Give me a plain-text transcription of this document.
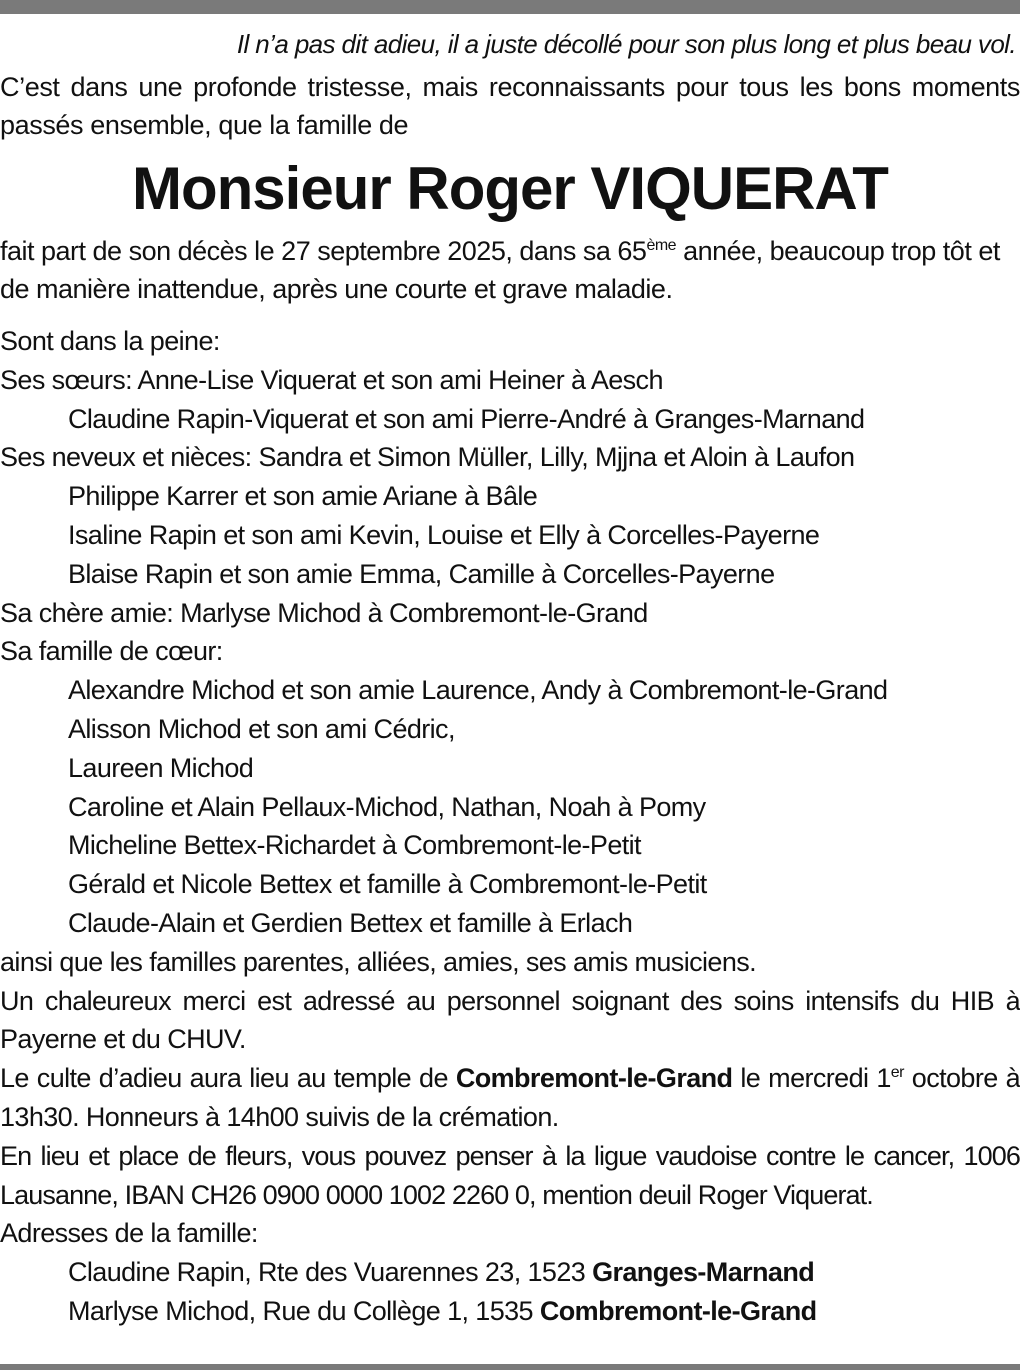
Il n’a pas dit adieu, il a juste décollé pour son plus long et plus beau vol.

C’est dans une profonde tristesse, mais reconnaissants pour tous les bons moments passés ensemble, que la famille de

Monsieur Roger VIQUERAT

fait part de son décès le 27 septembre 2025, dans sa 65ème année, beaucoup trop tôt et de manière inattendue, après une courte et grave maladie.

Sont dans la peine:
Ses sœurs: Anne-Lise Viquerat et son ami Heiner à Aesch
Claudine Rapin-Viquerat et son ami Pierre-André à Granges-Marnand
Ses neveux et nièces: Sandra et Simon Müller, Lilly, Mjjna et Aloin à Laufon
Philippe Karrer et son amie Ariane à Bâle
Isaline Rapin et son ami Kevin, Louise et Elly à Corcelles-Payerne
Blaise Rapin et son amie Emma, Camille à Corcelles-Payerne
Sa chère amie: Marlyse Michod à Combremont-le-Grand
Sa famille de cœur:
Alexandre Michod et son amie Laurence, Andy à Combremont-le-Grand
Alisson Michod et son ami Cédric,
Laureen Michod
Caroline et Alain Pellaux-Michod, Nathan, Noah à Pomy
Micheline Bettex-Richardet à Combremont-le-Petit
Gérald et Nicole Bettex et famille à Combremont-le-Petit
Claude-Alain et Gerdien Bettex et famille à Erlach
ainsi que les familles parentes, alliées, amies, ses amis musiciens.
Un chaleureux merci est adressé au personnel soignant des soins intensifs du HIB à Payerne et du CHUV.
Le culte d’adieu aura lieu au temple de Combremont-le-Grand le mercredi 1er octobre à 13h30. Honneurs à 14h00 suivis de la crémation.
En lieu et place de fleurs, vous pouvez penser à la ligue vaudoise contre le cancer, 1006 Lausanne, IBAN CH26 0900 0000 1002 2260 0, mention deuil Roger Viquerat.
Adresses de la famille:
Claudine Rapin, Rte des Vuarennes 23, 1523 Granges-Marnand
Marlyse Michod, Rue du Collège 1, 1535 Combremont-le-Grand
